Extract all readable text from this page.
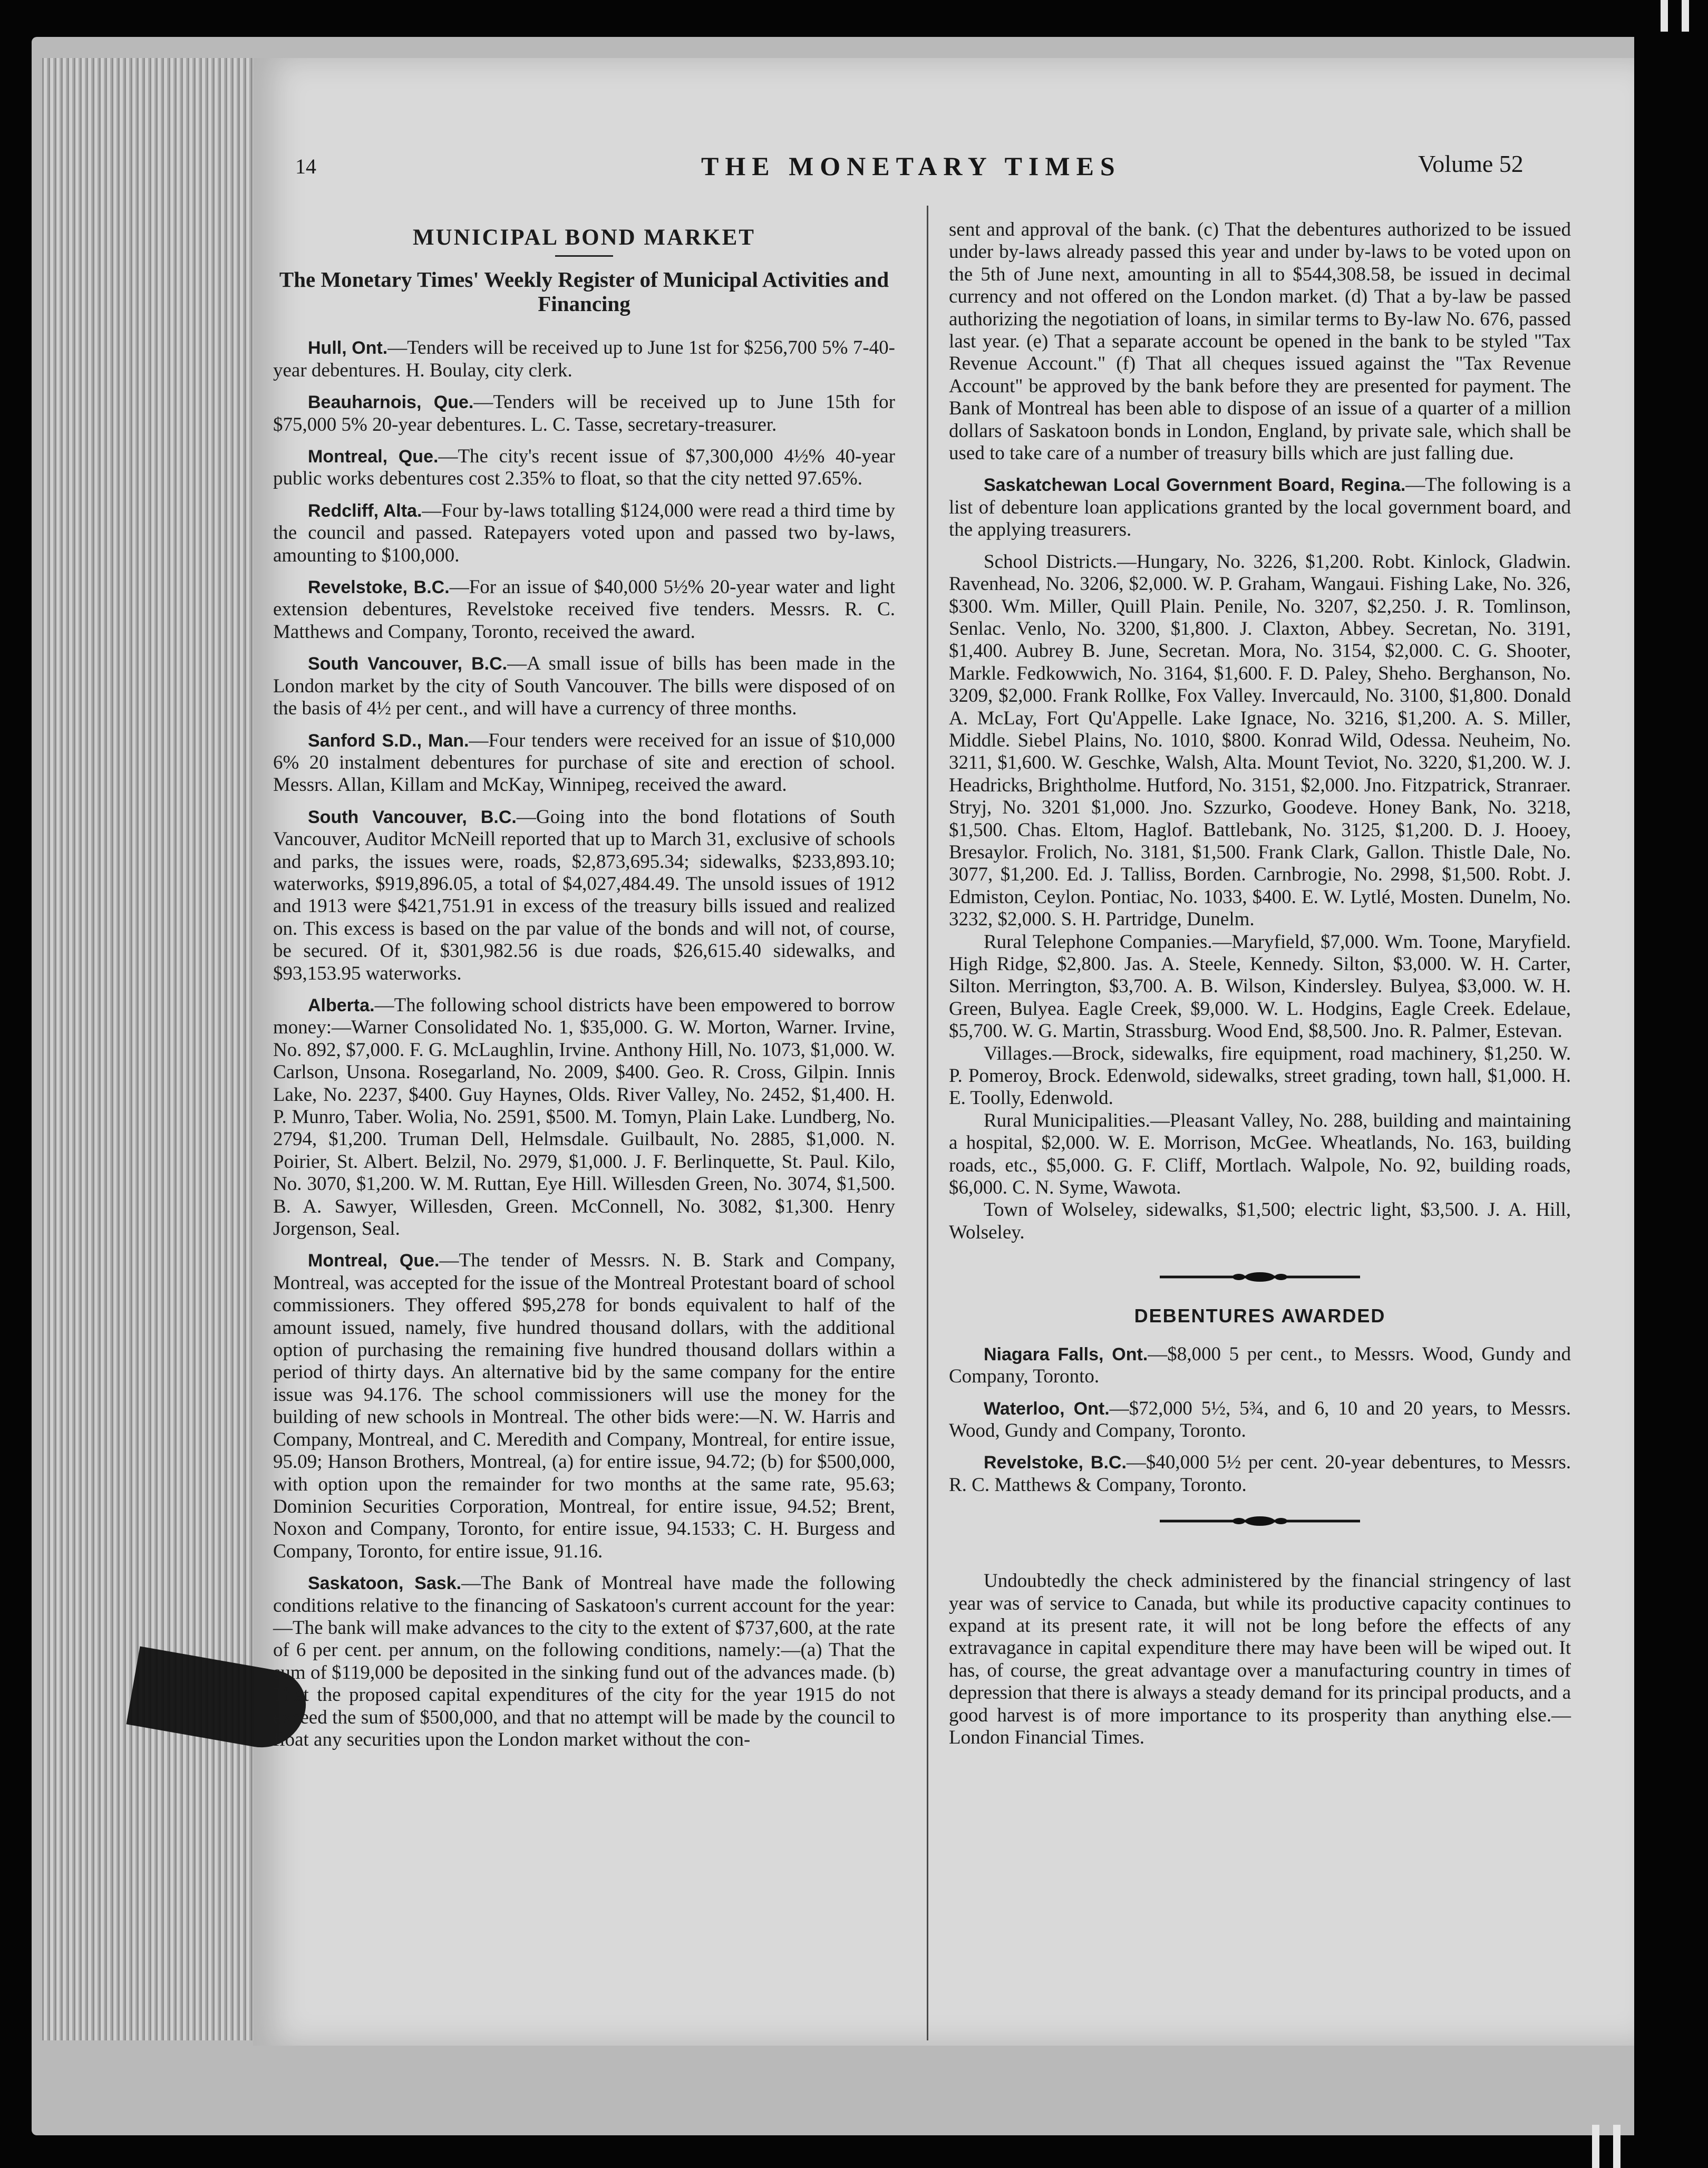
14	THE MONETARY TIMES	Volume 52
MUNICIPAL BOND MARKET
The Monetary Times' Weekly Register of Municipal Activities and Financing

Hull, Ont.—Tenders will be received up to June 1st for $256,700 5% 7-40-year debentures. H. Boulay, city clerk.

Beauharnois, Que.—Tenders will be received up to June 15th for $75,000 5% 20-year debentures. L. C. Tasse, secretary-treasurer.

Montreal, Que.—The city's recent issue of $7,300,000 4½% 40-year public works debentures cost 2.35% to float, so that the city netted 97.65%.

Redcliff, Alta.—Four by-laws totalling $124,000 were read a third time by the council and passed. Ratepayers voted upon and passed two by-laws, amounting to $100,000.

Revelstoke, B.C.—For an issue of $40,000 5½% 20-year water and light extension debentures, Revelstoke received five tenders. Messrs. R. C. Matthews and Company, Toronto, received the award.

South Vancouver, B.C.—A small issue of bills has been made in the London market by the city of South Vancouver. The bills were disposed of on the basis of 4½ per cent., and will have a currency of three months.

Sanford S.D., Man.—Four tenders were received for an issue of $10,000 6% 20 instalment debentures for purchase of site and erection of school. Messrs. Allan, Killam and McKay, Winnipeg, received the award.

South Vancouver, B.C.—Going into the bond flotations of South Vancouver, Auditor McNeill reported that up to March 31, exclusive of schools and parks, the issues were, roads, $2,873,695.34; sidewalks, $233,893.10; waterworks, $919,896.05, a total of $4,027,484.49. The unsold issues of 1912 and 1913 were $421,751.91 in excess of the treasury bills issued and realized on. This excess is based on the par value of the bonds and will not, of course, be secured. Of it, $301,982.56 is due roads, $26,615.40 sidewalks, and $93,153.95 waterworks.

Alberta.—The following school districts have been empowered to borrow money:—Warner Consolidated No. 1, $35,000. G. W. Morton, Warner. Irvine, No. 892, $7,000. F. G. McLaughlin, Irvine. Anthony Hill, No. 1073, $1,000. W. Carlson, Unsona. Rosegarland, No. 2009, $400. Geo. R. Cross, Gilpin. Innis Lake, No. 2237, $400. Guy Haynes, Olds. River Valley, No. 2452, $1,400. H. P. Munro, Taber. Wolia, No. 2591, $500. M. Tomyn, Plain Lake. Lundberg, No. 2794, $1,200. Truman Dell, Helmsdale. Guilbault, No. 2885, $1,000. N. Poirier, St. Albert. Belzil, No. 2979, $1,000. J. F. Berlinquette, St. Paul. Kilo, No. 3070, $1,200. W. M. Ruttan, Eye Hill. Willesden Green, No. 3074, $1,500. B. A. Sawyer, Willesden, Green. McConnell, No. 3082, $1,300. Henry Jorgenson, Seal.

Montreal, Que.—The tender of Messrs. N. B. Stark and Company, Montreal, was accepted for the issue of the Montreal Protestant board of school commissioners. They offered $95,278 for bonds equivalent to half of the amount issued, namely, five hundred thousand dollars, with the additional option of purchasing the remaining five hundred thousand dollars within a period of thirty days. An alternative bid by the same company for the entire issue was 94.176. The school commissioners will use the money for the building of new schools in Montreal. The other bids were:—N. W. Harris and Company, Montreal, and C. Meredith and Company, Montreal, for entire issue, 95.09; Hanson Brothers, Montreal, (a) for entire issue, 94.72; (b) for $500,000, with option upon the remainder for two months at the same rate, 95.63; Dominion Securities Corporation, Montreal, for entire issue, 94.52; Brent, Noxon and Company, Toronto, for entire issue, 94.1533; C. H. Burgess and Company, Toronto, for entire issue, 91.16.

Saskatoon, Sask.—The Bank of Montreal have made the following conditions relative to the financing of Saskatoon's current account for the year:—The bank will make advances to the city to the extent of $737,600, at the rate of 6 per cent. per annum, on the following conditions, namely:—(a) That the sum of $119,000 be deposited in the sinking fund out of the advances made. (b) That the proposed capital expenditures of the city for the year 1915 do not exceed the sum of $500,000, and that no attempt will be made by the council to float any securities upon the London market without the con-

sent and approval of the bank. (c) That the debentures authorized to be issued under by-laws already passed this year and under by-laws to be voted upon on the 5th of June next, amounting in all to $544,308.58, be issued in decimal currency and not offered on the London market. (d) That a by-law be passed authorizing the negotiation of loans, in similar terms to By-law No. 676, passed last year. (e) That a separate account be opened in the bank to be styled "Tax Revenue Account." (f) That all cheques issued against the "Tax Revenue Account" be approved by the bank before they are presented for payment. The Bank of Montreal has been able to dispose of an issue of a quarter of a million dollars of Saskatoon bonds in London, England, by private sale, which shall be used to take care of a number of treasury bills which are just falling due.

Saskatchewan Local Government Board, Regina.—The following is a list of debenture loan applications granted by the local government board, and the applying treasurers.

School Districts.—Hungary, No. 3226, $1,200. Robt. Kinlock, Gladwin. Ravenhead, No. 3206, $2,000. W. P. Graham, Wangaui. Fishing Lake, No. 326, $300. Wm. Miller, Quill Plain. Penile, No. 3207, $2,250. J. R. Tomlinson, Senlac. Venlo, No. 3200, $1,800. J. Claxton, Abbey. Secretan, No. 3191, $1,400. Aubrey B. June, Secretan. Mora, No. 3154, $2,000. C. G. Shooter, Markle. Fedkowwich, No. 3164, $1,600. F. D. Paley, Sheho. Berghanson, No. 3209, $2,000. Frank Rollke, Fox Valley. Invercauld, No. 3100, $1,800. Donald A. McLay, Fort Qu'Appelle. Lake Ignace, No. 3216, $1,200. A. S. Miller, Middle. Siebel Plains, No. 1010, $800. Konrad Wild, Odessa. Neuheim, No. 3211, $1,600. W. Geschke, Walsh, Alta. Mount Teviot, No. 3220, $1,200. W. J. Headricks, Brightholme. Hutford, No. 3151, $2,000. Jno. Fitzpatrick, Stranraer. Stryj, No. 3201 $1,000. Jno. Szzurko, Goodeve. Honey Bank, No. 3218, $1,500. Chas. Eltom, Haglof. Battlebank, No. 3125, $1,200. D. J. Hooey, Bresaylor. Frolich, No. 3181, $1,500. Frank Clark, Gallon. Thistle Dale, No. 3077, $1,200. Ed. J. Talliss, Borden. Carnbrogie, No. 2998, $1,500. Robt. J. Edmiston, Ceylon. Pontiac, No. 1033, $400. E. W. Lytlé, Mosten. Dunelm, No. 3232, $2,000. S. H. Partridge, Dunelm.

Rural Telephone Companies.—Maryfield, $7,000. Wm. Toone, Maryfield. High Ridge, $2,800. Jas. A. Steele, Kennedy. Silton, $3,000. W. H. Carter, Silton. Merrington, $3,700. A. B. Wilson, Kindersley. Bulyea, $3,000. W. H. Green, Bulyea. Eagle Creek, $9,000. W. L. Hodgins, Eagle Creek. Edelaue, $5,700. W. G. Martin, Strassburg. Wood End, $8,500. Jno. R. Palmer, Estevan.

Villages.—Brock, sidewalks, fire equipment, road machinery, $1,250. W. P. Pomeroy, Brock. Edenwold, sidewalks, street grading, town hall, $1,000. H. E. Toolly, Edenwold.

Rural Municipalities.—Pleasant Valley, No. 288, building and maintaining a hospital, $2,000. W. E. Morrison, McGee. Wheatlands, No. 163, building roads, etc., $5,000. G. F. Cliff, Mortlach. Walpole, No. 92, building roads, $6,000. C. N. Syme, Wawota.

Town of Wolseley, sidewalks, $1,500; electric light, $3,500. J. A. Hill, Wolseley.

DEBENTURES AWARDED

Niagara Falls, Ont.—$8,000 5 per cent., to Messrs. Wood, Gundy and Company, Toronto.

Waterloo, Ont.—$72,000 5½, 5¾, and 6, 10 and 20 years, to Messrs. Wood, Gundy and Company, Toronto.

Revelstoke, B.C.—$40,000 5½ per cent. 20-year debentures, to Messrs. R. C. Matthews & Company, Toronto.

Undoubtedly the check administered by the financial stringency of last year was of service to Canada, but while its productive capacity continues to expand at its present rate, it will not be long before the effects of any extravagance in capital expenditure there may have been will be wiped out. It has, of course, the great advantage over a manufacturing country in times of depression that there is always a steady demand for its principal products, and a good harvest is of more importance to its prosperity than anything else.—London Financial Times.
